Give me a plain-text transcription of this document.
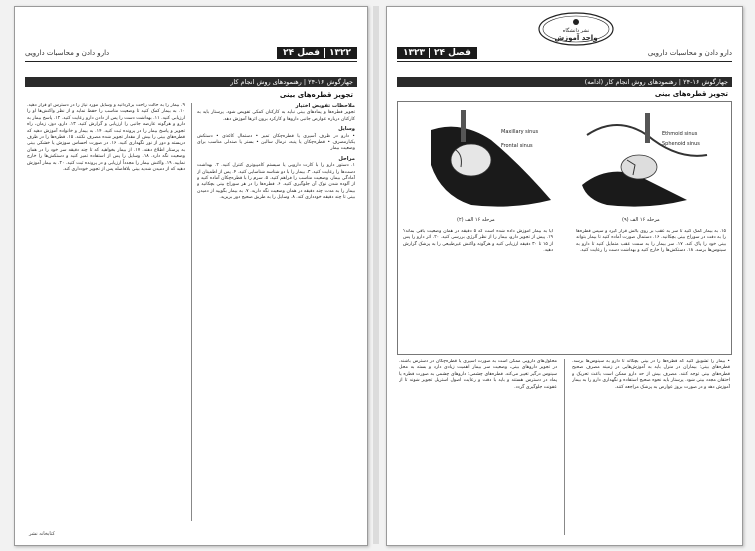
۱۳۲۲
فصل ۲۴
دارو دادن و محاسبات دارویی
جهارگوش ۱۶-۲۴ | رهنمودهای روش انجام کار
تجویز قطره‌های بینی

ملاحظات تفویض اختیار

تجویز قطره‌ها و پمادهای بینی نباید به کارکنان کمکی تفویض شود. پرستار باید به کارکنان درباره عوارض جانبی داروها و کارکرد برون اثرها آموزش دهد.

وسایل

• دارو در ظرف آسپری یا قطره‌چکان تمیز • دستمال کاغذی • دستکش یکبارمصرف • قطره‌چکان یا پنبه، نرمال سالین • بستر یا صندلی مناسب برای وضعیت بیمار

مراحل

۱. دستور دارو را با کارت دارویی یا سیستم کامپیوتری کنترل کنید. ۲. بهداشت دست‌ها را رعایت کنید. ۳. بیمار را با دو شناسه شناسایی کنید. ۴. پس از اطمینان از آمادگی بیمار، وضعیت مناسب را فراهم کنید. ۵. سرم را با قطره‌چکان آماده کنید و از آلوده شدن نوک آن جلوگیری کنید. ۶. قطره‌ها را در هر سوراخ بینی بچکانید و بیمار را به مدت چند دقیقه در همان وضعیت نگه دارید. ۷. به بیمار بگویید از دمیدن بینی تا چند دقیقه خودداری کند. ۸. وسایل را به طریق صحیح دور بریزید.

۹. بیمار را به حالت راحت برگردانید و وسایل مورد نیاز را در دسترس او قرار دهید. ۱۰. به بیمار کمک کنید تا وضعیت مناسب را حفظ نماید و از نظر واکنش‌ها او را ارزیابی کنید. ۱۱. بهداشت دست را پس از دادن دارو رعایت کنید. ۱۲. پاسخ بیمار به دارو و هرگونه عارضه جانبی را ارزیابی و گزارش کنید. ۱۳. دارو، دوز، زمان، راه تجویز و پاسخ بیمار را در پرونده ثبت کنید. ۱۴. به بیمار و خانواده آموزش دهید که قطره‌های بینی را بیش از مقدار تجویز شده مصرف نکنند. ۱۵. قطره‌ها را در ظرف دربسته و دور از نور نگهداری کنید. ۱۶. در صورت احساس سوزش یا خشکی بینی به پرستار اطلاع دهند. ۱۷. از بیمار بخواهید که تا چند دقیقه سر خود را در همان وضعیت نگه دارد. ۱۸. وسایل را پس از استفاده تمیز کنید و دستکش‌ها را خارج نمایید. ۱۹. واکنش بیمار را مجدداً ارزیابی و در پرونده ثبت کنید. ۲۰. به بیمار آموزش دهید که از دمیدن شدید بینی بلافاصله پس از تجویز خودداری کند.

کتابخانه نشر
نشر دانشگاه
واحد آموزش
دارو دادن و محاسبات دارویی
فصل ۲۴
۱۳۲۳
جهارگوش ۱۶-۲۴ | رهنمودهای روش انجام کار (ادامه)
تجویز قطره‌های بینی
Ethmoid sinus
Sphenoid sinus
مرحله ۱۶ الف (۹)
Maxillary sinus
Frontal sinus
مرحله ۱۶ الف (۲)

۱۵. به بیمار کمک کنید تا سر به عقب بر روی بالش قرار گیرد و سپس قطره‌ها را به دقت در سوراخ بینی بچکانید. ۱۶. دستمال صورت آماده کنید تا بیمار بتواند بینی خود را پاک کند. ۱۷. سر بیمار را به سمت عقب متمایل کنید تا دارو به سینوس‌ها برسد. ۱۸. دستکش‌ها را خارج کنید و بهداشت دست را رعایت کنید.

آیا به بیمار آموزش داده شده است که ۵ دقیقه در همان وضعیت باقی بماند؟ ۱۹. پیش از تجویز دارو، بیمار را از نظر آلرژی بررسی کنید. ۲۰. اثر دارو را پس از ۱۵ تا ۳۰ دقیقه ارزیابی کنید و هرگونه واکنش غیرطبیعی را به پزشک گزارش دهید.

• بیمار را تشویق کنید که قطره‌ها را در بینی بچکاند تا دارو به سینوس‌ها برسد. قطره‌های بینی: بیماران در منزل باید به آموزش‌هایی در زمینه مصرف صحیح قطره‌های بینی توجه کنند. مصرف بیش از حد دارو ممکن است باعث تحریک و احتقان مجدد بینی شود. پرستار باید نحوه صحیح استفاده و نگهداری دارو را به بیمار آموزش دهد و در صورت بروز عوارض به پزشک مراجعه کنند.

محلول‌های دارویی ممکن است به صورت اسپری یا قطره‌چکان در دسترس باشند. در تجویز داروهای بینی، وضعیت سر بیمار اهمیت زیادی دارد و بسته به محل سینوس درگیر تغییر می‌کند. قطره‌های چشمی: داروهای چشمی به صورت قطره یا پماد در دسترس هستند و باید با دقت و رعایت اصول استریل تجویز شوند تا از عفونت جلوگیری گردد.
